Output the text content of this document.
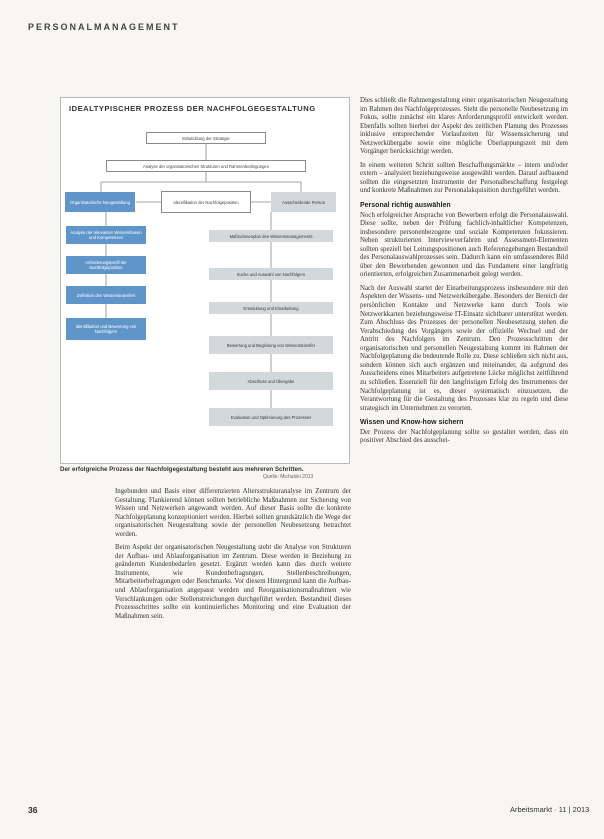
PERSONALMANAGEMENT
IDEALTYPISCHER PROZESS DER NACHFOLGEGESTALTUNG
Entwicklung der Strategie
Analyse der organisatorischen Strukturen und Rahmenbedingungen
Organisatorische Neugestaltung	Identifikation der Nachfolgeposition	Ausscheidende Person
Analyse der relevanten Wissensbasen und Kompetenzen
Anforderungsprofil der Nachfolgeposition
Definition des Wissenstransfers
Identifikation und Bewertung von Nachfolgern
Maßnahmenplan des Wissensmanagements
Suche und Auswahl von Nachfolgern
Entwicklung und Einarbeitung
Bewertung und Begleitung von Wissenstransfer
Abschluss und Übergabe
Evaluation und Optimierung des Prozesses
Der erfolgreiche Prozess der Nachfolgegestaltung besteht aus mehreren Schritten.
Quelle: Michalski 2013

Ingebunden und Basis einer differenzierten Altersstrukturanalyse im Zentrum der Gestaltung. Flankierend können sollten betriebliche Maßnahmen zur Sicherung von Wissen und Netzwerken angewandt werden. Auf dieser Basis sollte die konkrete Nachfolgeplanung konzeptioniert werden. Hierbei sollten grundsätzlich die Wege der organisatorischen Neugestaltung sowie der personellen Neubesetzung betrachtet werden.

Beim Aspekt der organisatorischen Neugestaltung steht die Analyse von Strukturen der Aufbau- und Ablauforganisation im Zentrum. Diese werden in Beziehung zu geänderten Kundenbedarfen gesetzt. Ergänzt werden kann dies durch weitere Instrumente, wie Kundenbefragungen, Stellenbeschreibungen, Mitarbeiterbefragungen oder Benchmarks. Vor diesem Hintergrund kann die Aufbau- und Ablauforganisation angepasst werden und Reorganisationsmaßnahmen wie Verschlankungen oder Stellenstreichungen durchgeführt werden. Bestandteil dieses Prozessschrittes sollte ein kontinuierliches Monitoring und eine Evaluation der Maßnahmen sein.

Dies schließt die Rahmengestaltung einer organisatorischen Neugestaltung im Rahmen des Nachfolgeprozesses. Steht die personelle Neubesetzung im Fokus, sollte zunächst ein klares Anforderungsprofil entwickelt werden. Ebenfalls sollten hierbei der Aspekt des zeitlichen Planung des Prozesses inklusive entsprechender Vorlaufzeiten für Wissenssicherung und Netzwerkübergabe sowie eine mögliche Überlappungszeit mit dem Vorgänger berücksichtigt werden.

In einem weiteren Schritt sollten Beschaffungsmärkte – intern und/oder extern – analysiert beziehungsweise ausgewählt werden. Darauf aufbauend sollten die eingesetzten Instrumente der Personalbeschaffung festgelegt und konkrete Maßnahmen zur Personalakquisition durchgeführt werden.

Personal richtig auswählen

Noch erfolgreicher Ansprache von Bewerbern erfolgt die Personalauswahl. Diese sollte, neben der Prüfung fachlich-inhaltlicher Kompetenzen, insbesondere personenbezogene und soziale Kompetenzen fokussieren. Neben strukturierten Interviewverfahren und Assessment-Elementen sollten speziell bei Leitungspositionen auch Referenzgebungen Bestandteil des Personalauswahlprozesses sein. Dadurch kann ein umfassenderes Bild über den Bewerbenden gewonnen und das Fundament einer langfristig orientierten, erfolgreichen Zusammenarbeit gelegt werden.

Nach der Auswahl startet der Einarbeitungsprozess insbesondere mit den Aspekten der Wissens- und Netzwerkübergabe. Besonders der Bereich der persönlichen Kontakte und Netzwerke kann durch Tools wie Netzwerkkarten beziehungsweise IT-Einsatz sichtbarer unterstützt werden. Zum Abschluss des Prozesses der personellen Neubesetzung stehen die Verabschiedung des Vorgängers sowie der offizielle Wechsel und der Antritt des Nachfolgers im Zentrum. Den Prozessschritten der organisatorischen und personellen Neugestaltung kommt im Rahmen der Nachfolgeplanung die bedeutende Rolle zu. Diese schließen sich nicht aus, sondern können sich auch ergänzen und miteinander, da aufgrund des Ausscheidens eines Mitarbeiters aufgetretene Lücke möglichst zeitführend zu schließen. Essenziell für den langfristigen Erfolg des Instrumentes der Nachfolgeplanung ist es, dieser systematisch einzusetzen, die Verantwortung für die Gestaltung des Prozesses klar zu regeln und diese strategisch im Unternehmen zu verorten.

Wissen und Know-how sichern

Der Prozess der Nachfolgeplanung sollte so gestaltet werden, dass ein positiver Abschied des ausschei-

36	Arbeitsmarkt · 11 | 2013
